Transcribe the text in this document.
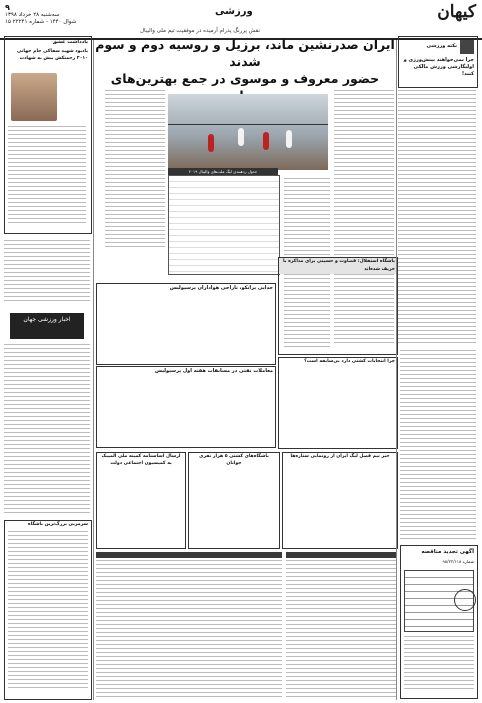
کیهان
ورزشی
۹
سه‌شنبه ۲۸ خرداد ۱۳۹۸
۱۵ شوال ۱۴۴۰ - شماره ۲۲۲۴۱
نقش پررنگ پدرام آرمیده در موفقیت تیم ملی والیبال
ایران صدرنشین ماند، برزیل و روسیه دوم و سوم شدند
حضور معروف و موسوی در جمع بهترین‌های
نکته ورزشی
چرا نمی‌خواهند بینش‌ورزی و اولیگارشی ورزش مالکی کنند!
جدول ردهبندی لیگ ملت‌های والیبال ۲۰۱۹
باشگاه استقلال: قضاوت و حسینی برای مذاکره با حریف شده‌اند
چرا انتخابات کشتی دارد بی‌سابقه است؟
جدایی برانکو، تاراجی هواداران پرسپولیس
معاملات نفتی در مسابقات هفته اول پرسپولیس
ارسال اساسنامه کمیته ملی المپیک به کمیسیون اجتماعی دولت
باشگاه‌های کشتی ۵ هزار نفری جوانان
خبر نیم فصل لیگ ایران از رونمایی ستاره‌ها
یادداشت عشق
یادبود شهید سفاکی جام جهانی ۲۰۱۰ زحمتکش بیش به شهادت
اخبار ورزشی جهان
سرمربی بزرگ‌ترین باشگاه
آگهی تجدید مناقصه
شماره ۹۸/۲۲/۱۱۸
